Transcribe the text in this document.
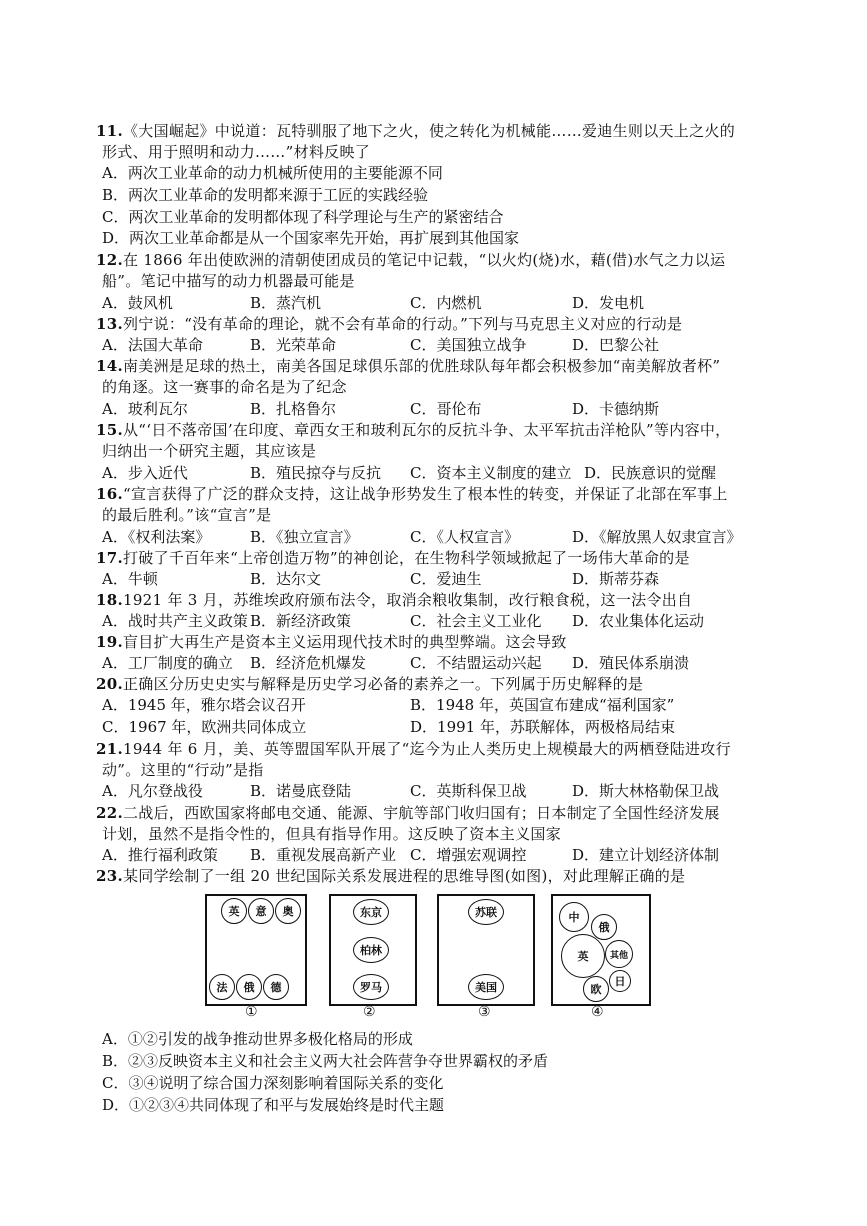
11.《大国崛起》中说道：瓦特驯服了地下之火，使之转化为机械能……爱迪生则以天上之火的
形式、用于照明和动力……”材料反映了
A．两次工业革命的动力机械所使用的主要能源不同
B．两次工业革命的发明都来源于工匠的实践经验
C．两次工业革命的发明都体现了科学理论与生产的紧密结合
D．两次工业革命都是从一个国家率先开始，再扩展到其他国家
12.在 1866 年出使欧洲的清朝使团成员的笔记中记载，“以火灼(烧)水，藉(借)水气之力以运
船”。笔记中描写的动力机器最可能是
A．鼓风机	B．蒸汽机	C．内燃机	D．发电机
13.列宁说：“没有革命的理论，就不会有革命的行动。”下列与马克思主义对应的行动是
A．法国大革命	B．光荣革命	C．美国独立战争	D．巴黎公社
14.南美洲是足球的热土，南美各国足球俱乐部的优胜球队每年都会积极参加“南美解放者杯”
的角逐。这一赛事的命名是为了纪念
A．玻利瓦尔	B．扎格鲁尔	C．哥伦布	D．卡德纳斯
15.从“‘日不落帝国’在印度、章西女王和玻利瓦尔的反抗斗争、太平军抗击洋枪队”等内容中，
归纳出一个研究主题，其应该是
A．步入近代	B．殖民掠夺与反抗 C．资本主义制度的建立 D．民族意识的觉醒
16.“宣言获得了广泛的群众支持，这让战争形势发生了根本性的转变，并保证了北部在军事上
的最后胜利。”该“宣言”是
A．《权利法案》	B．《独立宣言》	C．《人权宣言》	D．《解放黑人奴隶宣言》
17.打破了千百年来“上帝创造万物”的神创论，在生物科学领域掀起了一场伟大革命的是
A．牛顿	B．达尔文	C．爱迪生	D．斯蒂芬森
18.1921 年 3 月，苏维埃政府颁布法令，取消余粮收集制，改行粮食税，这一法令出自
A．战时共产主义政策 B．新经济政策	C．社会主义工业化 D．农业集体化运动
19.盲目扩大再生产是资本主义运用现代技术时的典型弊端。这会导致
A．工厂制度的确立 B．经济危机爆发	C．不结盟运动兴起 D．殖民体系崩溃
20.正确区分历史史实与解释是历史学习必备的素养之一。下列属于历史解释的是
A．1945 年，雅尔塔会议召开	B．1948 年，英国宣布建成“福利国家”
C．1967 年，欧洲共同体成立	D．1991 年，苏联解体，两极格局结束
21.1944 年 6 月，美、英等盟国军队开展了“迄今为止人类历史上规模最大的两栖登陆进攻行
动”。这里的“行动”是指
A．凡尔登战役	B．诺曼底登陆	C．英斯科保卫战	D．斯大林格勒保卫战
22.二战后，西欧国家将邮电交通、能源、宇航等部门收归国有；日本制定了全国性经济发展
计划，虽然不是指令性的，但具有指导作用。这反映了资本主义国家
A．推行福利政策 B．重视发展高新产业 C．增强宏观调控	D．建立计划经济体制
23.某同学绘制了一组 20 世纪国际关系发展进程的思维导图(如图)，对此理解正确的是
英	意	奥
法	俄	德
①
东京
柏林
罗马
②
苏联
美国
③
中
俄
英	其他
日
欧
④
A．①②引发的战争推动世界多极化格局的形成
B．②③反映资本主义和社会主义两大社会阵营争夺世界霸权的矛盾
C．③④说明了综合国力深刻影响着国际关系的变化
D．①②③④共同体现了和平与发展始终是时代主题
